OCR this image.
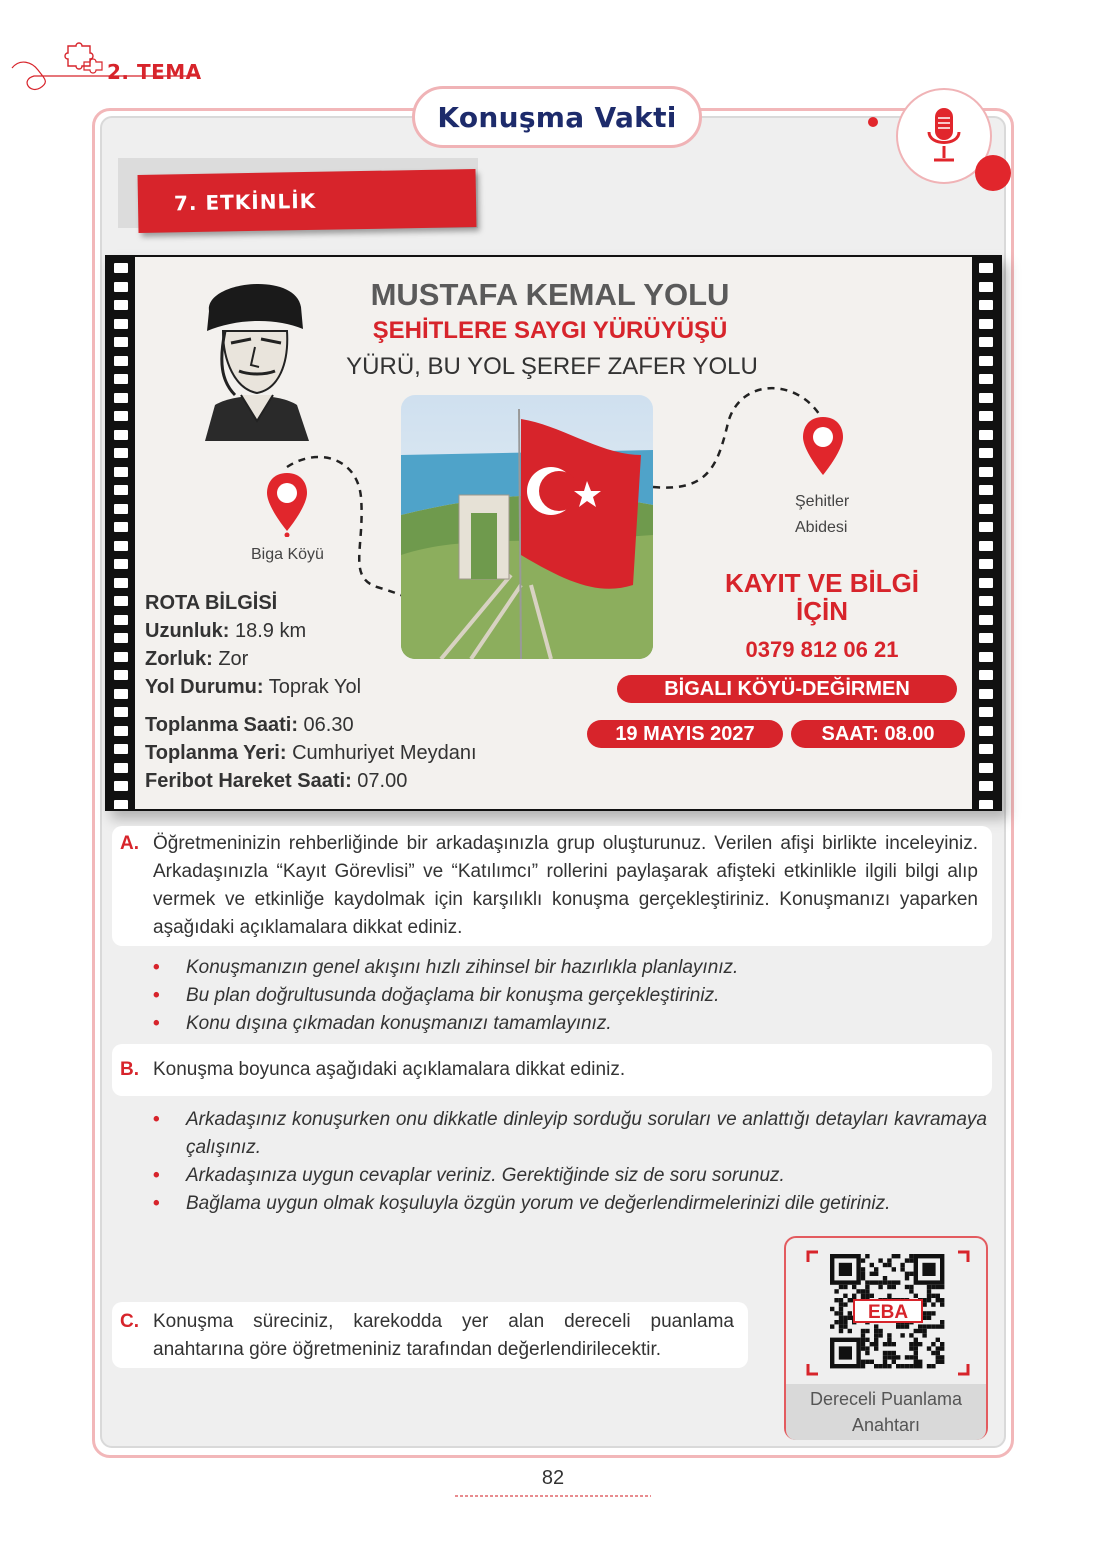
2. TEMA
Konuşma Vakti
7. ETKİNLİK
MUSTAFA KEMAL YOLU
ŞEHİTLERE SAYGI YÜRÜYÜŞÜ
YÜRÜ, BU YOL ŞEREF ZAFER YOLU
Biga Köyü
Şehitler
Abidesi
ROTA BİLGİSİ
Uzunluk: 18.9 km
Zorluk: Zor
Yol Durumu: Toprak Yol
Toplanma Saati: 06.30
Toplanma Yeri: Cumhuriyet Meydanı
Feribot Hareket Saati: 07.00
KAYIT VE BİLGİ
İÇİN
0379 812 06 21
BİGALI KÖYÜ-DEĞİRMEN
19 MAYIS 2027	SAAT: 08.00
A. Öğretmeninizin rehberliğinde bir arkadaşınızla grup oluşturunuz. Verilen afişi birlikte inceleyiniz. Arkadaşınızla “Kayıt Görevlisi” ve “Katılımcı” rollerini paylaşarak afişteki etkinlikle ilgili bilgi alıp vermek ve etkinliğe kaydolmak için karşılıklı konuşma gerçekleştiriniz. Konuşmanızı yaparken aşağıdaki açıklamalara dikkat ediniz.
• Konuşmanızın genel akışını hızlı zihinsel bir hazırlıkla planlayınız.
• Bu plan doğrultusunda doğaçlama bir konuşma gerçekleştiriniz.
• Konu dışına çıkmadan konuşmanızı tamamlayınız.
B. Konuşma boyunca aşağıdaki açıklamalara dikkat ediniz.
• Arkadaşınız konuşurken onu dikkatle dinleyip sorduğu soruları ve anlattığı detayları kavramaya çalışınız.
• Arkadaşınıza uygun cevaplar veriniz. Gerektiğinde siz de soru sorunuz.
• Bağlama uygun olmak koşuluyla özgün yorum ve değerlendirmelerinizi dile getiriniz.
C. Konuşma süreciniz, karekodda yer alan dereceli puanlama anahtarına göre öğretmeniniz tarafından değerlendirilecektir.
EBA
Dereceli Puanlama
Anahtarı
82
